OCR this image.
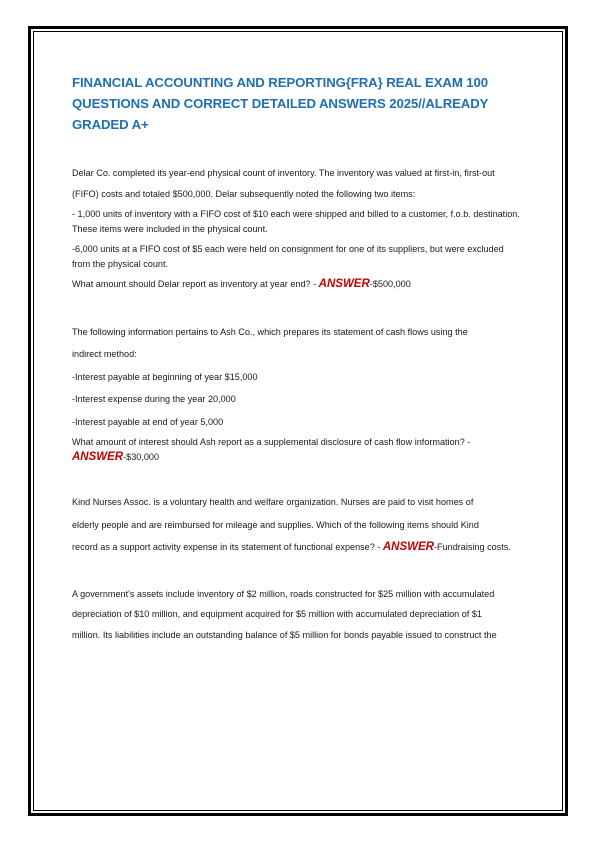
FINANCIAL ACCOUNTING AND REPORTING{FRA} REAL EXAM 100 QUESTIONS AND CORRECT DETAILED ANSWERS 2025//ALREADY GRADED A+

Delar Co. completed its year-end physical count of inventory. The inventory was valued at first-in, first-out

(FIFO) costs and totaled $500,000. Delar subsequently noted the following two items:

- 1,000 units of inventory with a FIFO cost of $10 each were shipped and billed to a customer, f.o.b. destination. These items were included in the physical count.

-6,000 units at a FIFO cost of $5 each were held on consignment for one of its suppliers, but were excluded from the physical count.

What amount should Delar report as inventory at year end? - ANSWER-$500,000

The following information pertains to Ash Co., which prepares its statement of cash flows using the

indirect method:

-Interest payable at beginning of year $15,000

-Interest expense during the year 20,000

-Interest payable at end of year 5,000

What amount of interest should Ash report as a supplemental disclosure of cash flow information? - ANSWER-$30,000

Kind Nurses Assoc. is a voluntary health and welfare organization. Nurses are paid to visit homes of

elderly people and are reimbursed for mileage and supplies. Which of the following items should Kind

record as a support activity expense in its statement of functional expense? - ANSWER-Fundraising costs.

A government's assets include inventory of $2 million, roads constructed for $25 million with accumulated

depreciation of $10 million, and equipment acquired for $5 million with accumulated depreciation of $1

million. Its liabilities include an outstanding balance of $5 million for bonds payable issued to construct the
